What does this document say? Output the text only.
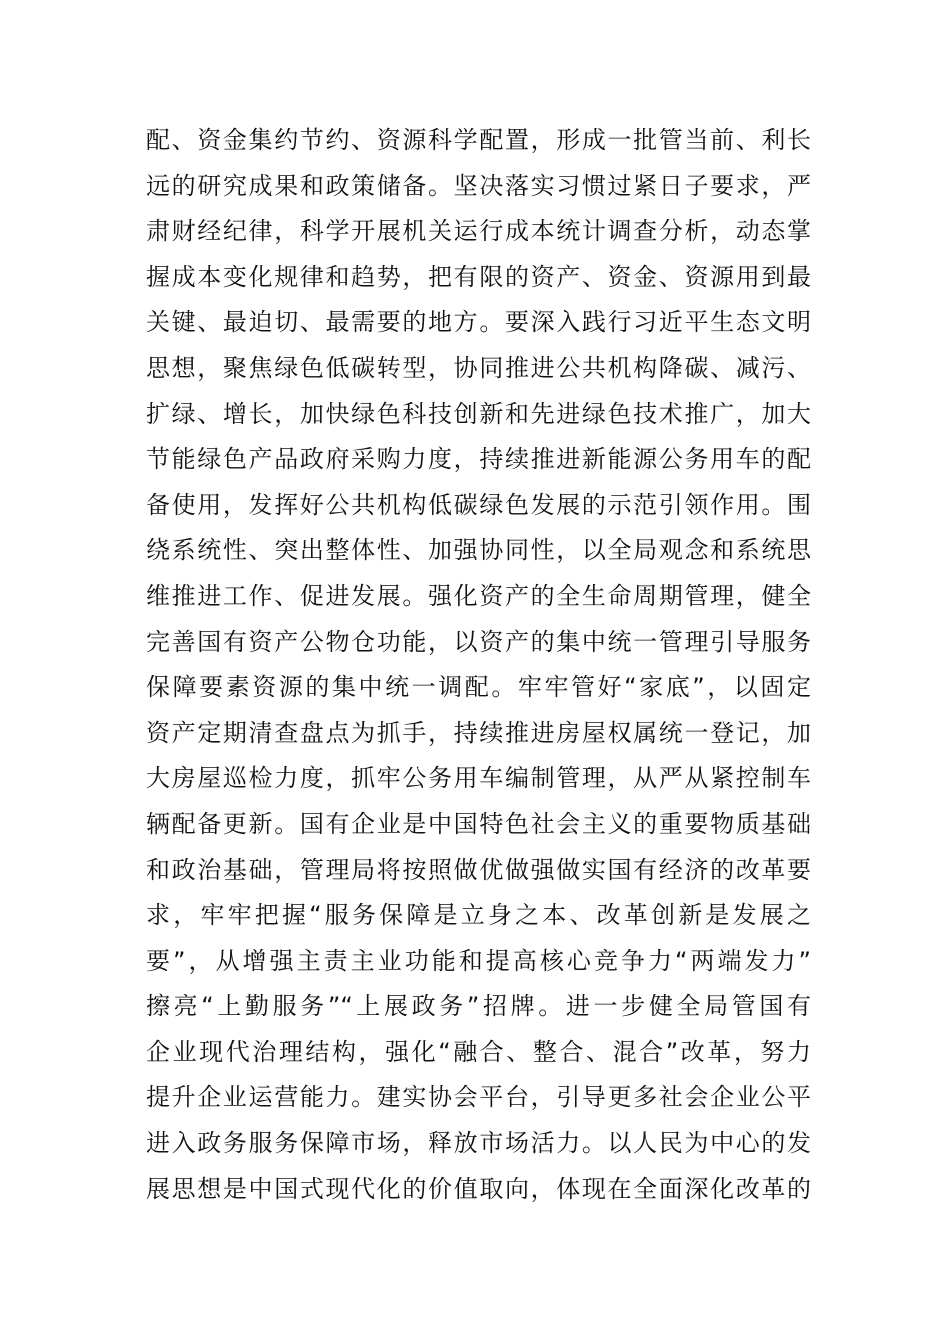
配、资金集约节约、资源科学配置，形成一批管当前、利长
远的研究成果和政策储备。坚决落实习惯过紧日子要求，严
肃财经纪律，科学开展机关运行成本统计调查分析，动态掌
握成本变化规律和趋势，把有限的资产、资金、资源用到最
关键、最迫切、最需要的地方。要深入践行习近平生态文明
思想，聚焦绿色低碳转型，协同推进公共机构降碳、减污、
扩绿、增长，加快绿色科技创新和先进绿色技术推广，加大
节能绿色产品政府采购力度，持续推进新能源公务用车的配
备使用，发挥好公共机构低碳绿色发展的示范引领作用。围
绕系统性、突出整体性、加强协同性，以全局观念和系统思
维推进工作、促进发展。强化资产的全生命周期管理，健全
完善国有资产公物仓功能，以资产的集中统一管理引导服务
保障要素资源的集中统一调配。牢牢管好“家底”，以固定
资产定期清查盘点为抓手，持续推进房屋权属统一登记，加
大房屋巡检力度，抓牢公务用车编制管理，从严从紧控制车
辆配备更新。国有企业是中国特色社会主义的重要物质基础
和政治基础，管理局将按照做优做强做实国有经济的改革要
求，牢牢把握“服务保障是立身之本、改革创新是发展之
要”，从增强主责主业功能和提高核心竞争力“两端发力”
擦亮“上勤服务”“上展政务”招牌。进一步健全局管国有
企业现代治理结构，强化“融合、整合、混合”改革，努力
提升企业运营能力。建实协会平台，引导更多社会企业公平
进入政务服务保障市场，释放市场活力。以人民为中心的发
展思想是中国式现代化的价值取向，体现在全面深化改革的
